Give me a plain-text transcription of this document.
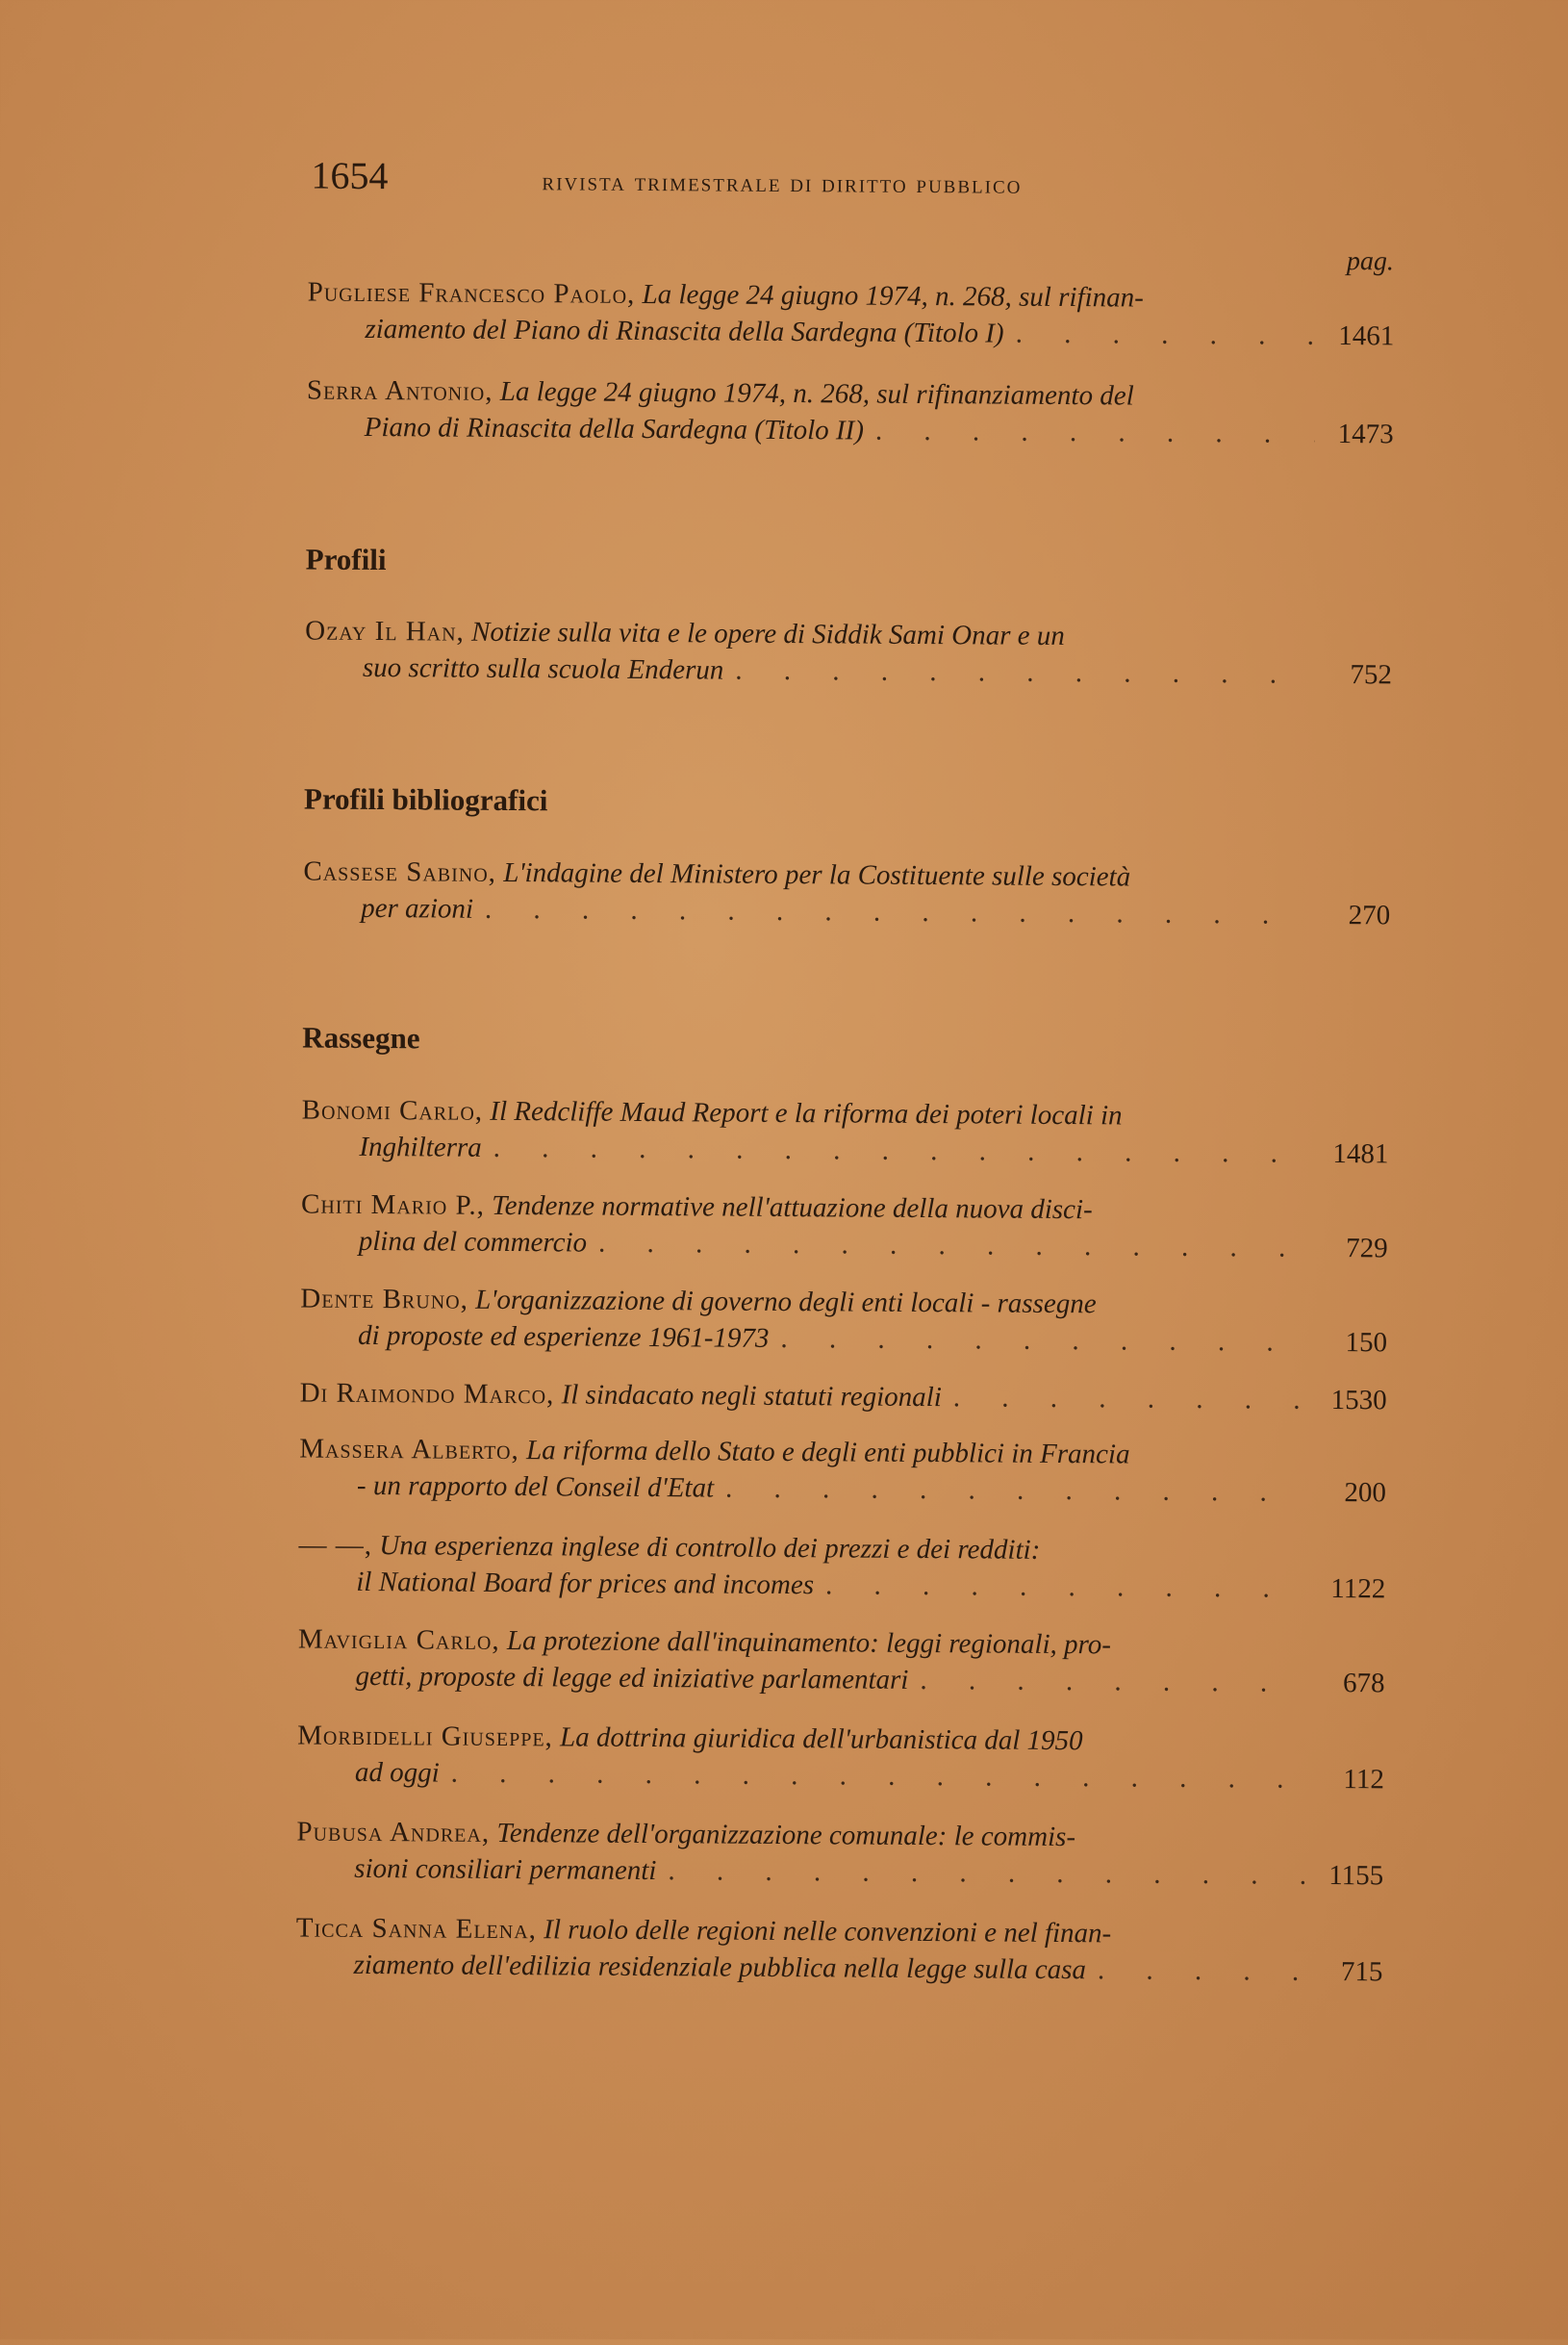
1654	rivista trimestrale di diritto pubblico
pag.
Pugliese Francesco Paolo, La legge 24 giugno 1974, n. 268, sul rifinan-
ziamento del Piano di Rinascita della Sardegna (Titolo I) . . .	1461
Serra Antonio, La legge 24 giugno 1974, n. 268, sul rifinanziamento del
Piano di Rinascita della Sardegna (Titolo II) . . .	1473
Profili
Ozay Il Han, Notizie sulla vita e le opere di Siddik Sami Onar e un
suo scritto sulla scuola Enderun . . .	752
Profili bibliografici
Cassese Sabino, L'indagine del Ministero per la Costituente sulle società
per azioni . . .	270
Rassegne
Bonomi Carlo, Il Redcliffe Maud Report e la riforma dei poteri locali in
Inghilterra . . .	1481
Chiti Mario P., Tendenze normative nell'attuazione della nuova disci-
plina del commercio . . .	729
Dente Bruno, L'organizzazione di governo degli enti locali - rassegne
di proposte ed esperienze 1961-1973 . . .	150
Di Raimondo Marco,
Il sindacato negli statuti regionali . . .	1530
Massera Alberto, La riforma dello Stato e degli enti pubblici in Francia
- un rapporto del Conseil d'Etat . . .	200
— —, Una esperienza inglese di controllo dei prezzi e dei redditi:
il National Board for prices and incomes . . .	1122
Maviglia Carlo, La protezione dall'inquinamento: leggi regionali, pro-
getti, proposte di legge ed iniziative parlamentari . . .	678
Morbidelli Giuseppe, La dottrina giuridica dell'urbanistica dal 1950
ad oggi . . .	112
Pubusa Andrea, Tendenze dell'organizzazione comunale: le commis-
sioni consiliari permanenti . . .	1155
Ticca Sanna Elena, Il ruolo delle regioni nelle convenzioni e nel finan-
ziamento dell'edilizia residenziale pubblica nella legge sulla casa . . .	715
